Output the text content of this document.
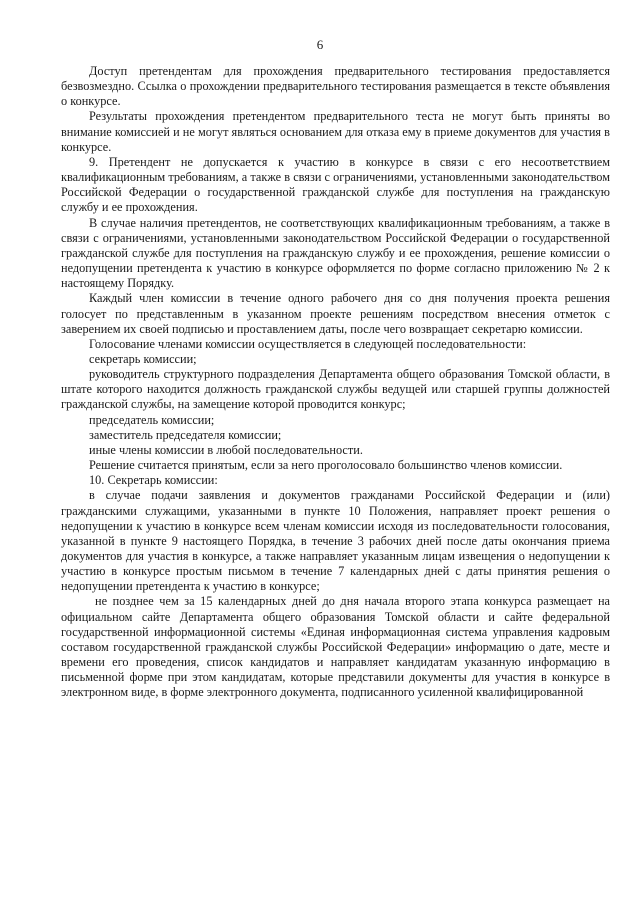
6

Доступ претендентам для прохождения предварительного тестирования предоставляется безвозмездно. Ссылка о прохождении предварительного тестирования размещается в тексте объявления о конкурсе.

Результаты прохождения претендентом предварительного теста не могут быть приняты во внимание комиссией и не могут являться основанием для отказа ему в приеме документов для участия в конкурсе.

9. Претендент не допускается к участию в конкурсе в связи с его несоответствием квалификационным требованиям, а также в связи с ограничениями, установленными законодательством Российской Федерации о государственной гражданской службе для поступления на гражданскую службу и ее прохождения.

В случае наличия претендентов, не соответствующих квалификационным требованиям, а также в связи с ограничениями, установленными законодательством Российской Федерации о государственной гражданской службе для поступления на гражданскую службу и ее прохождения, решение комиссии о недопущении претендента к участию в конкурсе оформляется по форме согласно приложению № 2 к настоящему Порядку.

Каждый член комиссии в течение одного рабочего дня со дня получения проекта решения голосует по представленным в указанном проекте решениям посредством внесения отметок с заверением их своей подписью и проставлением даты, после чего возвращает секретарю комиссии.

Голосование членами комиссии осуществляется в следующей последовательности:

секретарь комиссии;

руководитель структурного подразделения Департамента общего образования Томской области, в штате которого находится должность гражданской службы ведущей или старшей группы должностей гражданской службы, на замещение которой проводится конкурс;

председатель комиссии;

заместитель председателя комиссии;

иные члены комиссии в любой последовательности.

Решение считается принятым, если за него проголосовало большинство членов комиссии.

10. Секретарь комиссии:

в случае подачи заявления и документов гражданами Российской Федерации и (или) гражданскими служащими, указанными в пункте 10 Положения, направляет проект решения о недопущении к участию в конкурсе всем членам комиссии исходя из последовательности голосования, указанной в пункте 9 настоящего Порядка, в течение 3 рабочих дней после даты окончания приема документов для участия в конкурсе, а также направляет указанным лицам извещения о недопущении к участию в конкурсе простым письмом в течение 7 календарных дней с даты принятия решения о недопущении претендента к участию в конкурсе;

не позднее чем за 15 календарных дней до дня начала второго этапа конкурса размещает на официальном сайте Департамента общего образования Томской области и сайте федеральной государственной информационной системы «Единая информационная система управления кадровым составом государственной гражданской службы Российской Федерации» информацию о дате, месте и времени его проведения, список кандидатов и направляет кандидатам указанную информацию в письменной форме при этом кандидатам, которые представили документы для участия в конкурсе в электронном виде, в форме электронного документа, подписанного усиленной квалифицированной
